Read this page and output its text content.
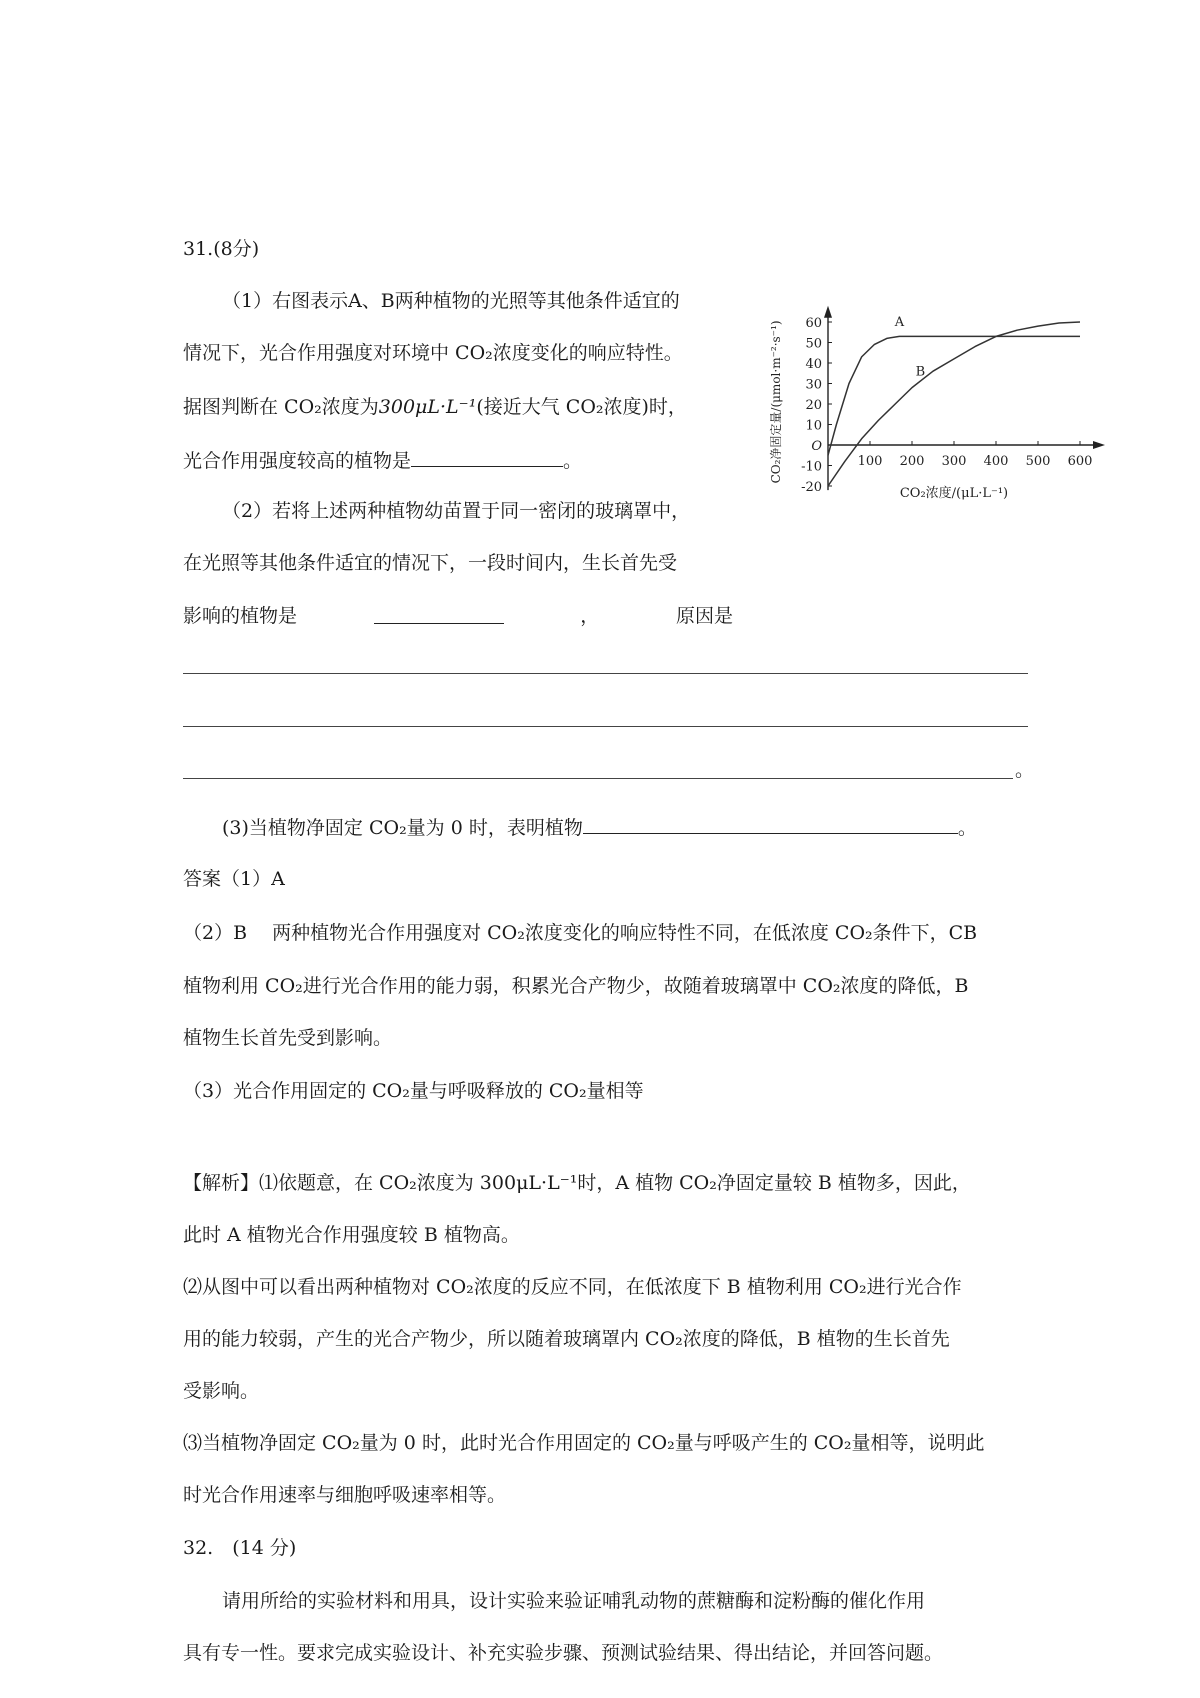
31.(8分)
（1）右图表示A、B两种植物的光照等其他条件适宜的
情况下，光合作用强度对环境中 CO₂浓度变化的响应特性。
据图判断在 CO₂浓度为300μL·L⁻¹(接近大气 CO₂浓度)时，
光合作用强度较高的植物是	。
（2）若将上述两种植物幼苗置于同一密闭的玻璃罩中，
在光照等其他条件适宜的情况下，一段时间内，生长首先受
影响的植物是	，	原因是
。
(3)当植物净固定 CO₂量为 0 时，表明植物	。
答案（1）A
（2）B　 两种植物光合作用强度对 CO₂浓度变化的响应特性不同，在低浓度 CO₂条件下，CB
植物利用 CO₂进行光合作用的能力弱，积累光合产物少，故随着玻璃罩中 CO₂浓度的降低，B
植物生长首先受到影响。
（3）光合作用固定的 CO₂量与呼吸释放的 CO₂量相等
【解析】⑴依题意，在 CO₂浓度为 300μL·L⁻¹时，A 植物 CO₂净固定量较 B 植物多，因此，
此时 A 植物光合作用强度较 B 植物高。
⑵从图中可以看出两种植物对 CO₂浓度的反应不同，在低浓度下 B 植物利用 CO₂进行光合作
用的能力较弱，产生的光合产物少，所以随着玻璃罩内 CO₂浓度的降低，B 植物的生长首先
受影响。
⑶当植物净固定 CO₂量为 0 时，此时光合作用固定的 CO₂量与呼吸产生的 CO₂量相等，说明此
时光合作用速率与细胞呼吸速率相等。
32.　(14 分)
请用所给的实验材料和用具，设计实验来验证哺乳动物的蔗糖酶和淀粉酶的催化作用
具有专一性。要求完成实验设计、补充实验步骤、预测试验结果、得出结论，并回答问题。
-20
-10
10
20
30
40
50
60
O
100 200 300 400 500 600
A
B
CO₂浓度/(μL·L⁻¹)
CO₂净固定量/(μmol·m⁻²·s⁻¹)
